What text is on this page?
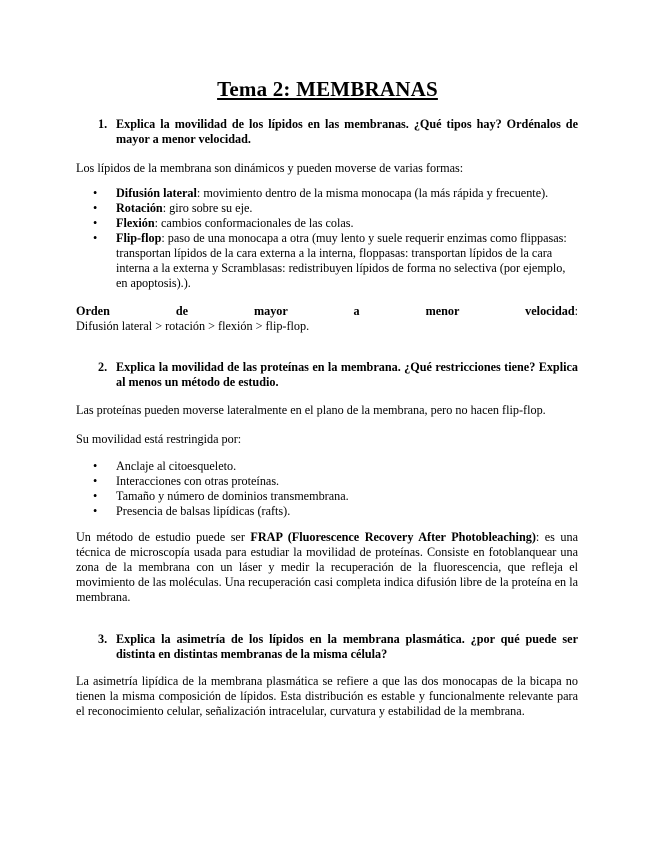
Tema 2: MEMBRANAS
1. Explica la movilidad de los lípidos en las membranas. ¿Qué tipos hay? Ordénalos de mayor a menor velocidad.
Los lípidos de la membrana son dinámicos y pueden moverse de varias formas:
• Difusión lateral: movimiento dentro de la misma monocapa (la más rápida y frecuente).
• Rotación: giro sobre su eje.
• Flexión: cambios conformacionales de las colas.
• Flip-flop: paso de una monocapa a otra (muy lento y suele requerir enzimas como flippasas: transportan lípidos de la cara externa a la interna, floppasas: transportan lípidos de la cara interna a la externa y Scramblasas: redistribuyen lípidos de forma no selectiva (por ejemplo, en apoptosis).).
Orden de mayor a menor velocidad:
Difusión lateral > rotación > flexión > flip-flop.
2. Explica la movilidad de las proteínas en la membrana. ¿Qué restricciones tiene? Explica al menos un método de estudio.
Las proteínas pueden moverse lateralmente en el plano de la membrana, pero no hacen flip-flop.
Su movilidad está restringida por:
• Anclaje al citoesqueleto.
• Interacciones con otras proteínas.
• Tamaño y número de dominios transmembrana.
• Presencia de balsas lipídicas (rafts).
Un método de estudio puede ser FRAP (Fluorescence Recovery After Photobleaching): es una técnica de microscopía usada para estudiar la movilidad de proteínas. Consiste en fotoblanquear una zona de la membrana con un láser y medir la recuperación de la fluorescencia, que refleja el movimiento de las moléculas. Una recuperación casi completa indica difusión libre de la proteína en la membrana.
3. Explica la asimetría de los lípidos en la membrana plasmática. ¿por qué puede ser distinta en distintas membranas de la misma célula?
La asimetría lipídica de la membrana plasmática se refiere a que las dos monocapas de la bicapa no tienen la misma composición de lípidos. Esta distribución es estable y funcionalmente relevante para el reconocimiento celular, señalización intracelular, curvatura y estabilidad de la membrana.
